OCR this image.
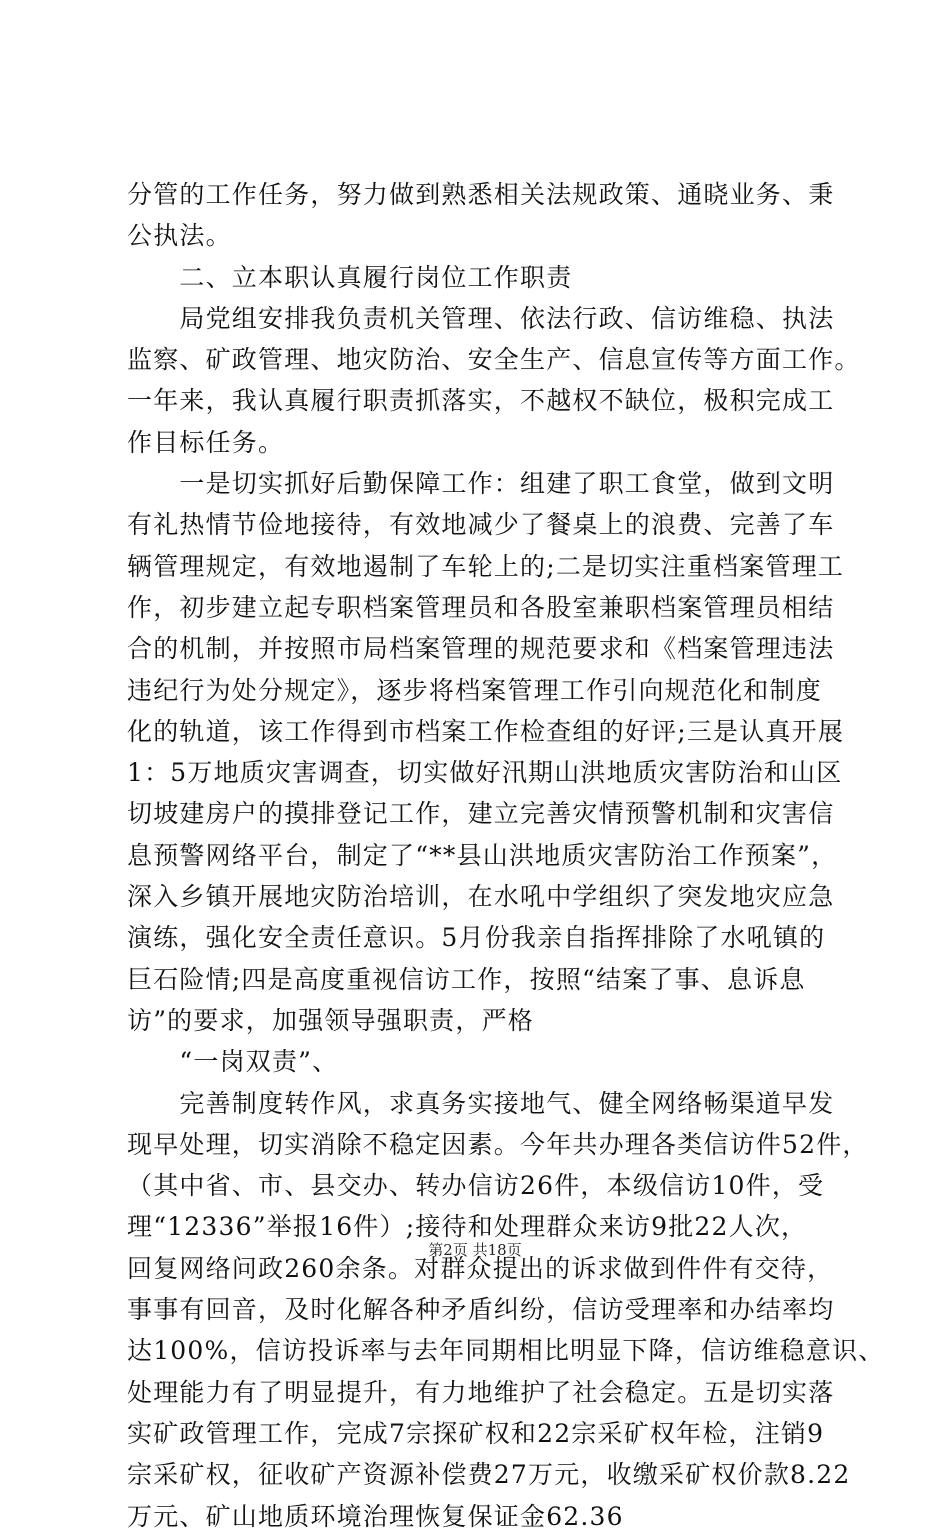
分管的工作任务，努力做到熟悉相关法规政策、通晓业务、秉
公执法。
　　二、立本职认真履行岗位工作职责
　　局党组安排我负责机关管理、依法行政、信访维稳、执法
监察、矿政管理、地灾防治、安全生产、信息宣传等方面工作。
一年来，我认真履行职责抓落实，不越权不缺位，极积完成工
作目标任务。
　　一是切实抓好后勤保障工作：组建了职工食堂，做到文明
有礼热情节俭地接待，有效地减少了餐桌上的浪费、完善了车
辆管理规定，有效地遏制了车轮上的;二是切实注重档案管理工
作，初步建立起专职档案管理员和各股室兼职档案管理员相结
合的机制，并按照市局档案管理的规范要求和《档案管理违法
违纪行为处分规定》，逐步将档案管理工作引向规范化和制度
化的轨道，该工作得到市档案工作检查组的好评;三是认真开展
1：5万地质灾害调查，切实做好汛期山洪地质灾害防治和山区
切坡建房户的摸排登记工作，建立完善灾情预警机制和灾害信
息预警网络平台，制定了“**县山洪地质灾害防治工作预案”，
深入乡镇开展地灾防治培训，在水吼中学组织了突发地灾应急
演练，强化安全责任意识。5月份我亲自指挥排除了水吼镇的
巨石险情;四是高度重视信访工作，按照“结案了事、息诉息
访”的要求，加强领导强职责，严格
　　“一岗双责”、
　　完善制度转作风，求真务实接地气、健全网络畅渠道早发
现早处理，切实消除不稳定因素。今年共办理各类信访件52件，
（其中省、市、县交办、转办信访26件，本级信访10件，受
理“12336”举报16件）;接待和处理群众来访9批22人次，
回复网络问政260余条。对群众提出的诉求做到件件有交待，
事事有回音，及时化解各种矛盾纠纷，信访受理率和办结率均
达100%，信访投诉率与去年同期相比明显下降，信访维稳意识、
处理能力有了明显提升，有力地维护了社会稳定。五是切实落
实矿政管理工作，完成7宗探矿权和22宗采矿权年检，注销9
宗采矿权，征收矿产资源补偿费27万元，收缴采矿权价款8.22
万元、矿山地质环境治理恢复保证金62.36
第2页 共18页
